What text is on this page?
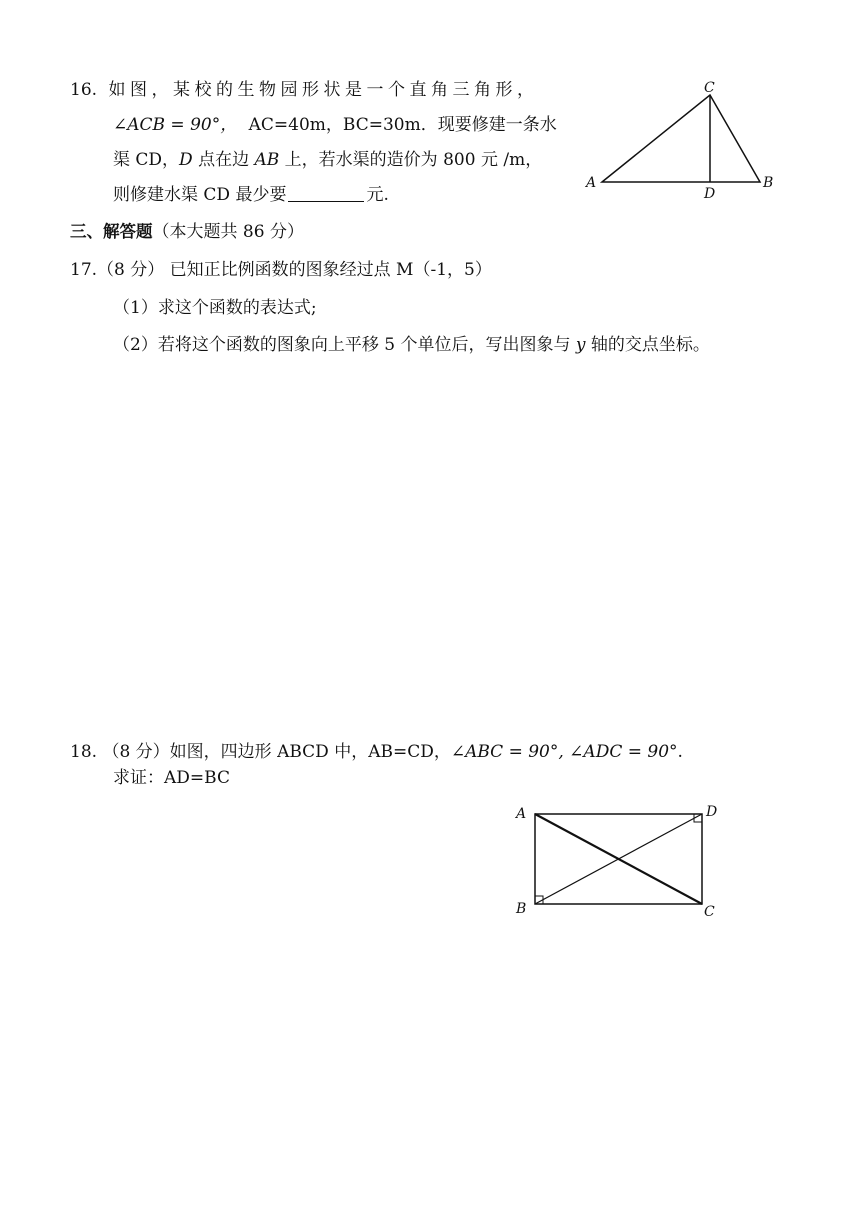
16. 如图，某校的生物园形状是一个直角三角形，
∠ACB = 90°， AC=40m，BC=30m．现要修建一条水
渠 CD，D 点在边 AB 上，若水渠的造价为 800 元 /m，
则修建水渠 CD 最少要	元.
C
A	B
D
三、解答题（本大题共 86 分）
17.（8 分） 已知正比例函数的图象经过点 M（-1，5）
（1）求这个函数的表达式;
（2）若将这个函数的图象向上平移 5 个单位后，写出图象与 y 轴的交点坐标。
18. （8 分）如图，四边形 ABCD 中，AB=CD，∠ABC = 90°, ∠ADC = 90°.
求证：AD=BC
A	D
B	C
